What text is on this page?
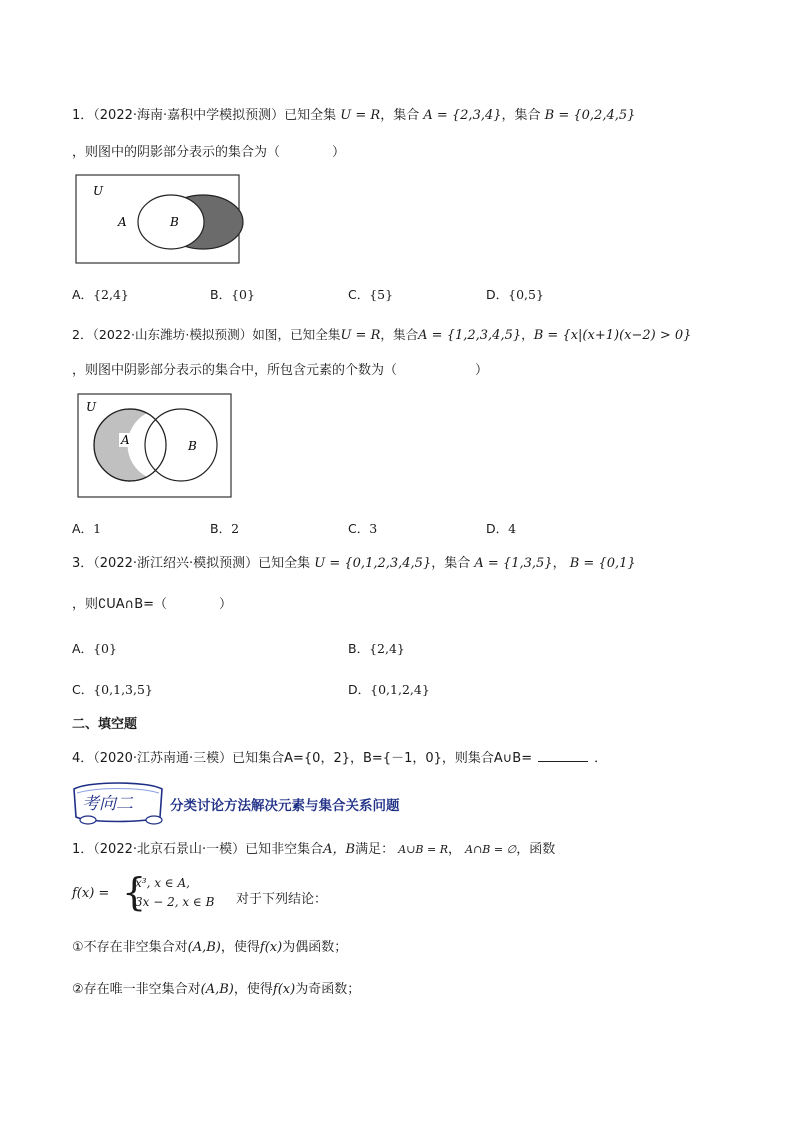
1．（2022·海南·嘉积中学模拟预测）已知全集 U = R，集合 A = {2,3,4}，集合 B = {0,2,4,5}
，则图中的阴影部分表示的集合为（　　　　）
U
A	B
A．{2,4}	B．{0}	C．{5}	D．{0,5}
2．（2022·山东潍坊·模拟预测）如图，已知全集U = R，集合A = {1,2,3,4,5}，B = {x|(x+1)(x−2) > 0}
，则图中阴影部分表示的集合中，所包含元素的个数为（　　　　　　）
U
A	B
A．1	B．2	C．3	D．4
3．（2022·浙江绍兴·模拟预测）已知全集 U = {0,1,2,3,4,5}，集合 A = {1,3,5}， B = {0,1}
，则∁UA∩B=（　　　　）
A．{0}	B．{2,4}
C．{0,1,3,5}	D．{0,1,2,4}
二、填空题
4．（2020·江苏南通·三模）已知集合A={0，2}，B={－1，0}，则集合A∪B=	．
考向二	分类讨论方法解决元素与集合关系问题
1．（2022·北京石景山·一模）已知非空集合A，B满足： A∪B = R， A∩B = ∅，函数
f(x) = {
x³, x ∈ A,
3x − 2, x ∈ B 对于下列结论：
①不存在非空集合对(A,B)，使得f(x)为偶函数；
②存在唯一非空集合对(A,B)，使得f(x)为奇函数；
